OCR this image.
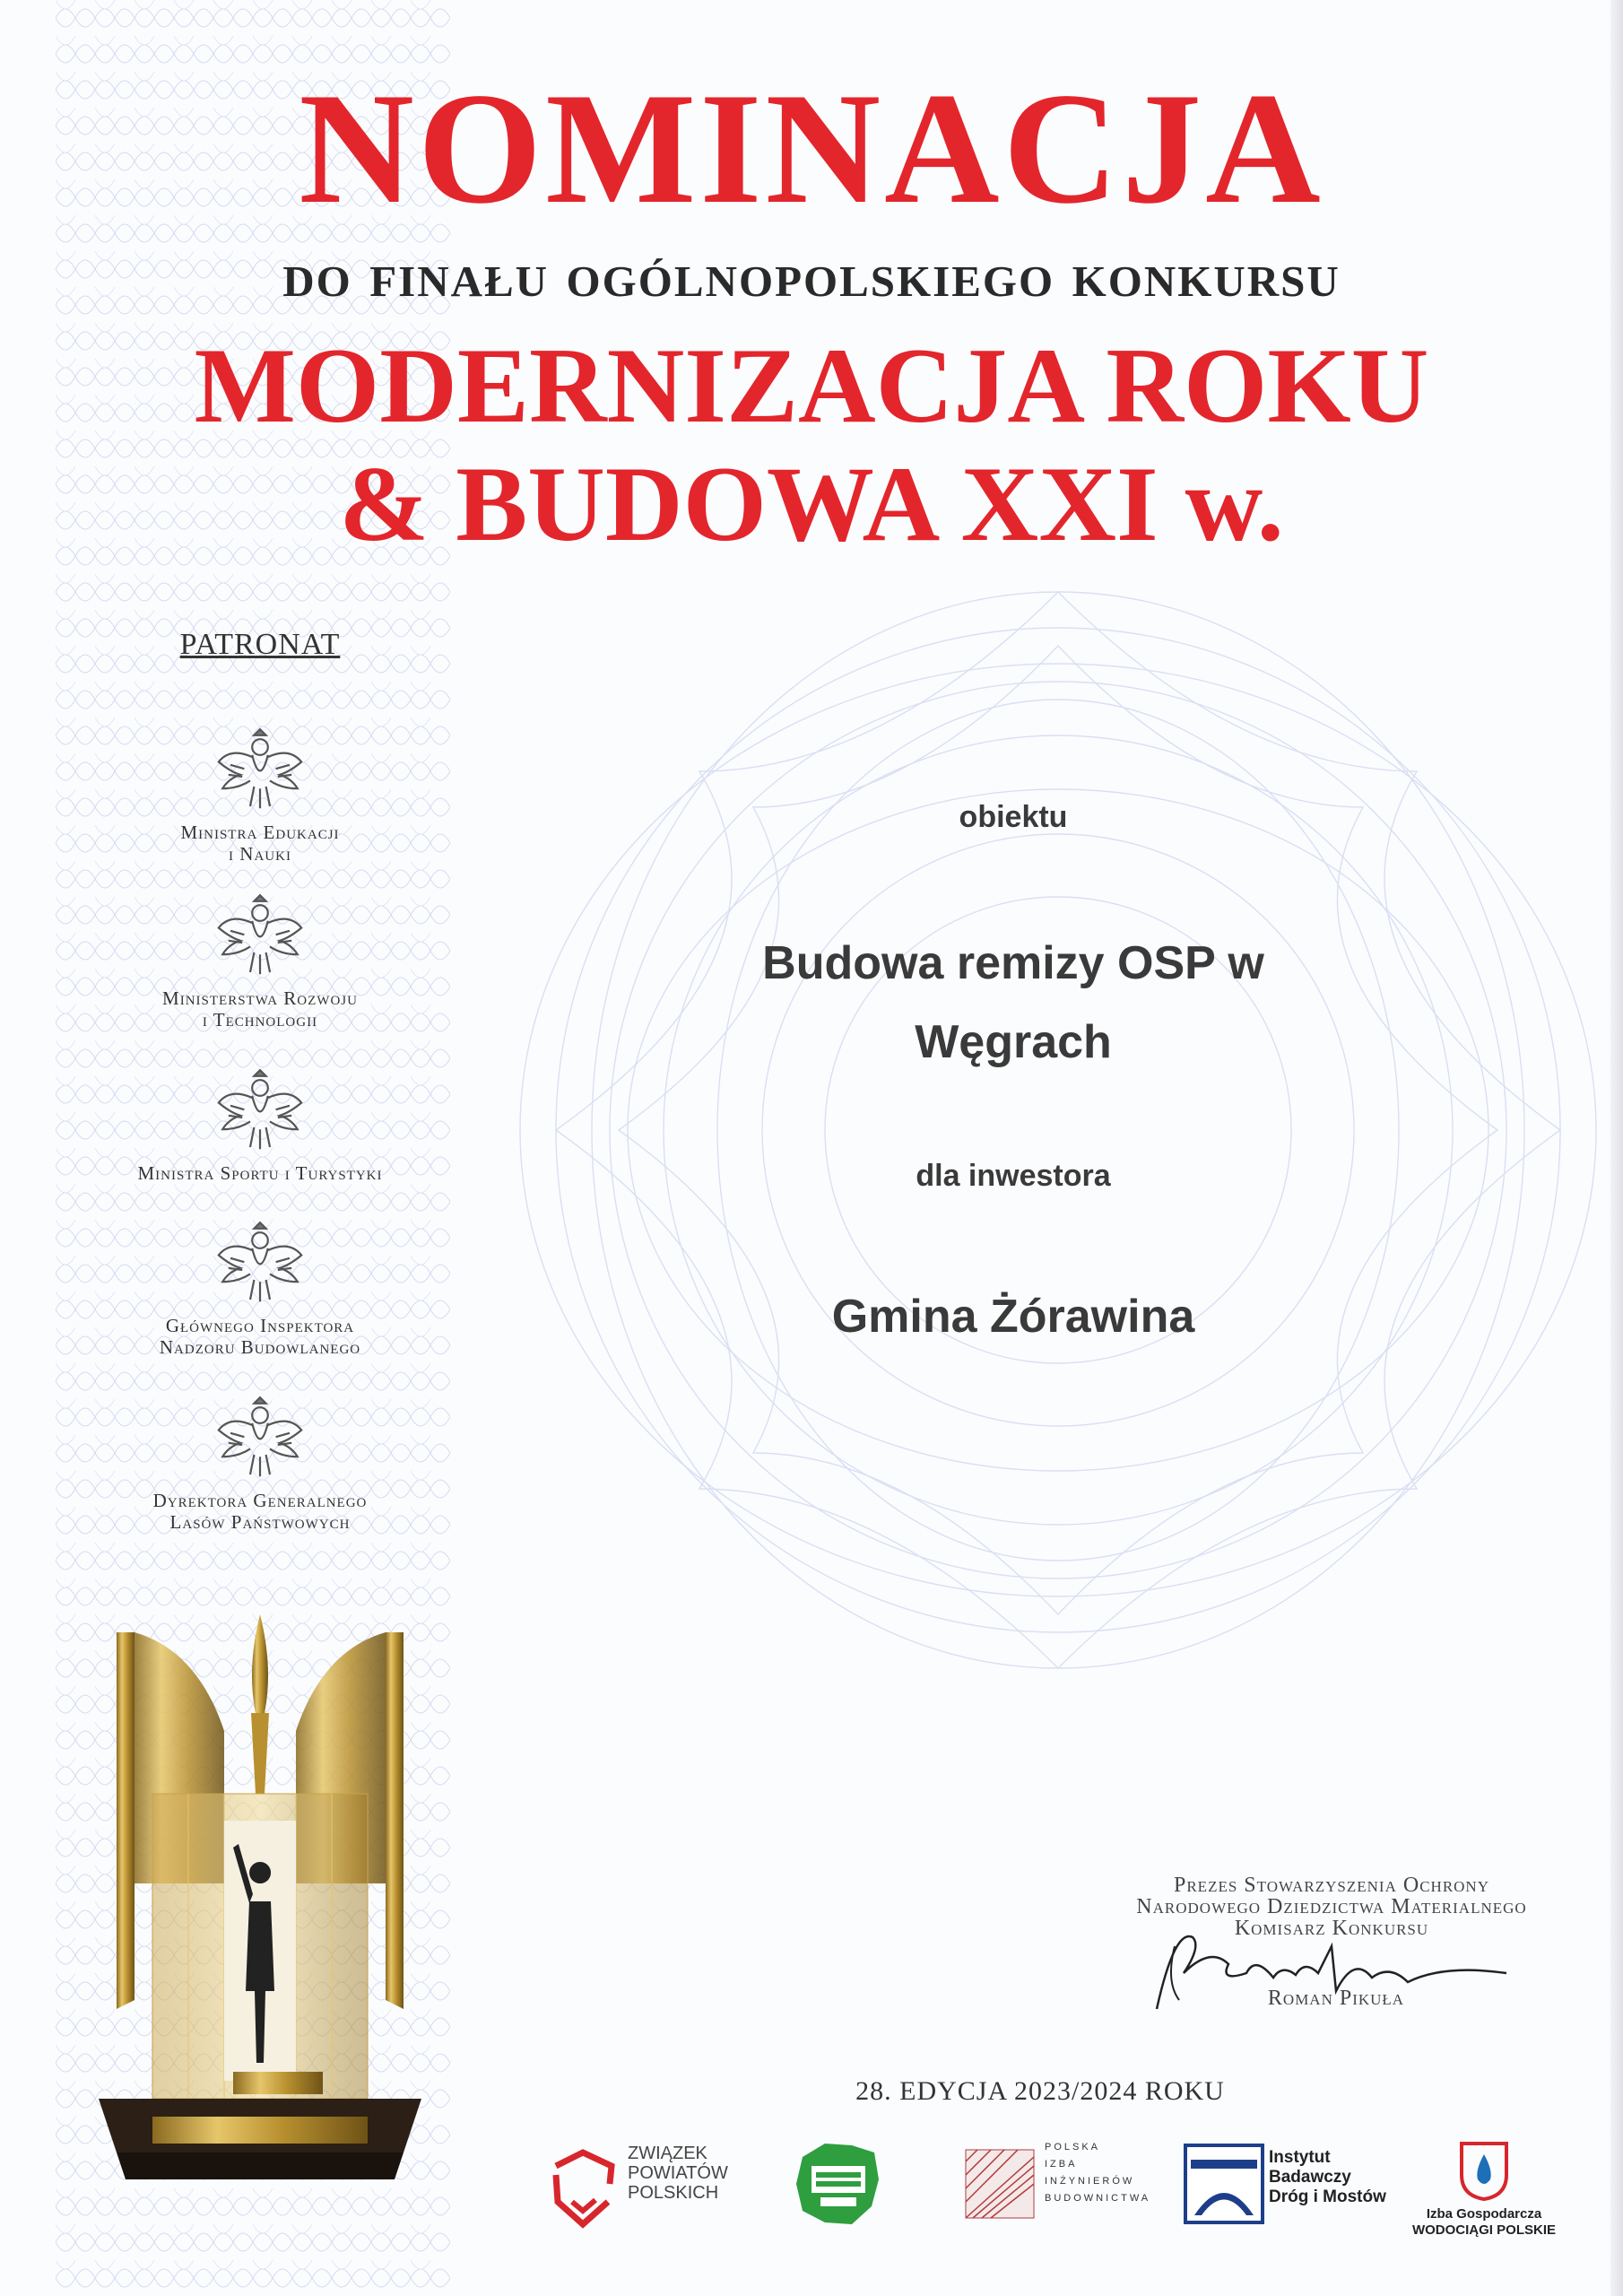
NOMINACJA
do finału ogólnopolskiego konkursu
MODERNIZACJA ROKU
& BUDOWA XXI w.

PATRONAT

Ministra Edukacji
i Nauki
Ministerstwa Rozwoju
i Technologii
Ministra Sportu i Turystyki
Głównego Inspektora
Nadzoru Budowlanego
Dyrektora Generalnego
Lasów Państwowych

obiektu

Budowa remizy OSP w
Węgrach

dla inwestora

Gmina Żórawina

Prezes Stowarzyszenia Ochrony

Narodowego Dziedzictwa Materialnego

Komisarz Konkursu

Roman Pikuła

28. EDYCJA 2023/2024 ROKU

ZWIĄZEK
POWIATÓW
POLSKICH
POLSKA
IZBA
INŻYNIERÓW
BUDOWNICTWA
Instytut
Badawczy
Dróg i Mostów
Izba Gospodarcza
WODOCIĄGI POLSKIE
